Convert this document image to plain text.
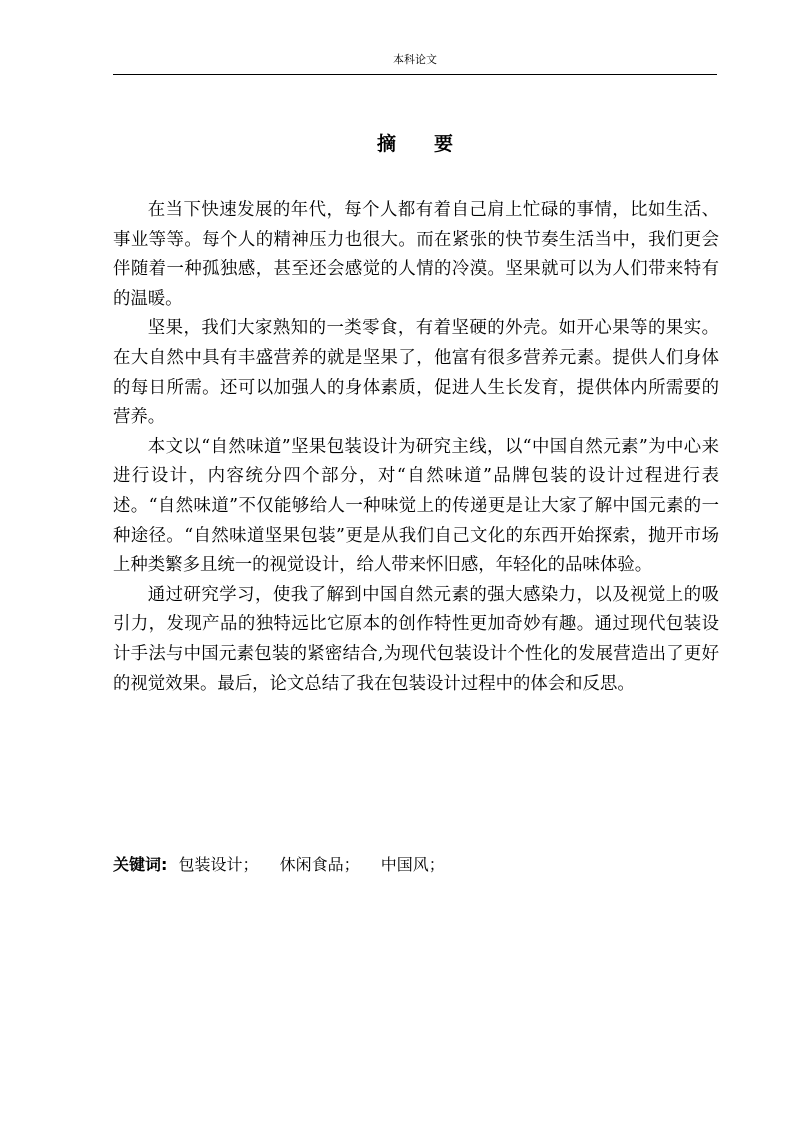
本科论文
摘要

在当下快速发展的年代，每个人都有着自己肩上忙碌的事情，比如生活、事业等等。每个人的精神压力也很大。而在紧张的快节奏生活当中，我们更会伴随着一种孤独感，甚至还会感觉的人情的冷漠。坚果就可以为人们带来特有的温暖。

坚果，我们大家熟知的一类零食，有着坚硬的外壳。如开心果等的果实。在大自然中具有丰盛营养的就是坚果了，他富有很多营养元素。提供人们身体的每日所需。还可以加强人的身体素质，促进人生长发育，提供体内所需要的营养。

本文以“自然味道”坚果包装设计为研究主线，以“中国自然元素”为中心来进行设计，内容统分四个部分，对“自然味道”品牌包装的设计过程进行表述。“自然味道”不仅能够给人一种味觉上的传递更是让大家了解中国元素的一种途径。“自然味道坚果包装”更是从我们自己文化的东西开始探索，抛开市场上种类繁多且统一的视觉设计，给人带来怀旧感，年轻化的品味体验。

通过研究学习，使我了解到中国自然元素的强大感染力，以及视觉上的吸引力，发现产品的独特远比它原本的创作特性更加奇妙有趣。通过现代包装设计手法与中国元素包装的紧密结合,为现代包装设计个性化的发展营造出了更好的视觉效果。最后，论文总结了我在包装设计过程中的体会和反思。

关键词: 包装设计； 休闲食品； 中国风；
